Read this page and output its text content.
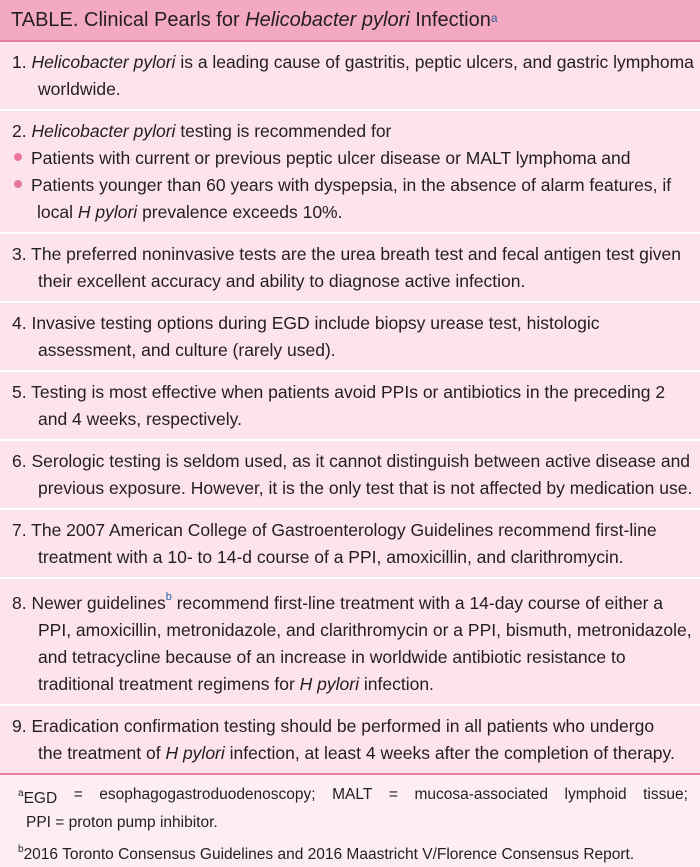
TABLE.
Clinical Pearls for
Helicobacter pylori
Infection$^a$
1. Helicobacter pylori is a leading cause of gastritis, peptic ulcers, and gastric lymphoma
worldwide.
2. Helicobacter pylori testing is recommended for
Patients with current or previous peptic ulcer disease or MALT lymphoma and
Patients younger than 60 years with dyspepsia, in the absence of alarm features, if
local H pylori prevalence exceeds 10%.
3. The preferred noninvasive tests are the urea breath test and fecal antigen test given
their excellent accuracy and ability to diagnose active infection.
4. Invasive testing options during EGD include biopsy urease test, histologic
assessment, and culture (rarely used).
5. Testing is most effective when patients avoid PPIs or antibiotics in the preceding 2
and 4 weeks, respectively.
6. Serologic testing is seldom used, as it cannot distinguish between active disease and
previous exposure. However, it is the only test that is not affected by medication use.
7. The 2007 American College of Gastroenterology Guidelines recommend first-line
treatment with a 10- to 14-d course of a PPI, amoxicillin, and clarithromycin.
8. Newer guidelines$^b$ recommend first-line treatment with a 14-day course of either a
PPI, amoxicillin, metronidazole, and clarithromycin or a PPI, bismuth, metronidazole,
and tetracycline because of an increase in worldwide antibiotic resistance to
traditional treatment regimens for H pylori infection.
9. Eradication confirmation testing should be performed in all patients who undergo
the treatment of H pylori infection, at least 4 weeks after the completion of therapy.
$^a$EGD = esophagogastroduodenoscopy; MALT = mucosa-associated lymphoid tissue;
PPI = proton pump inhibitor.
$^b$2016 Toronto Consensus Guidelines and 2016 Maastricht V/Florence Consensus Report.
